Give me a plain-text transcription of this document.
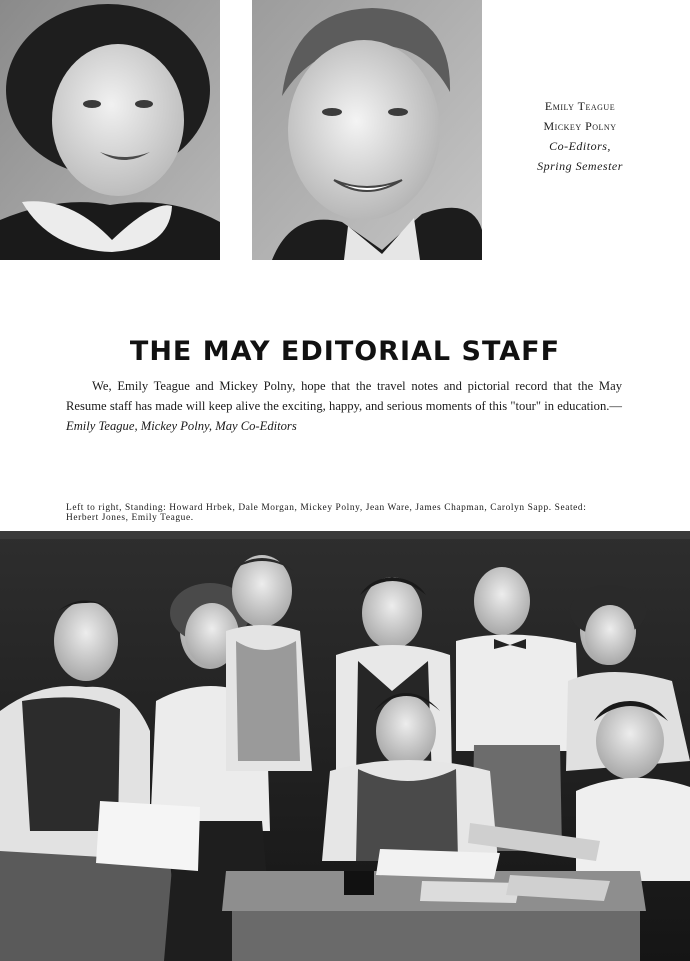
Emily Teague
Mickey Polny
Co-Editors,
Spring Semester
THE MAY EDITORIAL STAFF

We, Emily Teague and Mickey Polny, hope that the travel notes and pictorial record that the May Resume staff has made will keep alive the exciting, happy, and serious moments of this "tour" in education.—Emily Teague, Mickey Polny, May Co-Editors

Left to right, Standing: Howard Hrbek, Dale Morgan, Mickey Polny, Jean Ware, James Chapman, Carolyn Sapp. Seated: Herbert Jones, Emily Teague.
